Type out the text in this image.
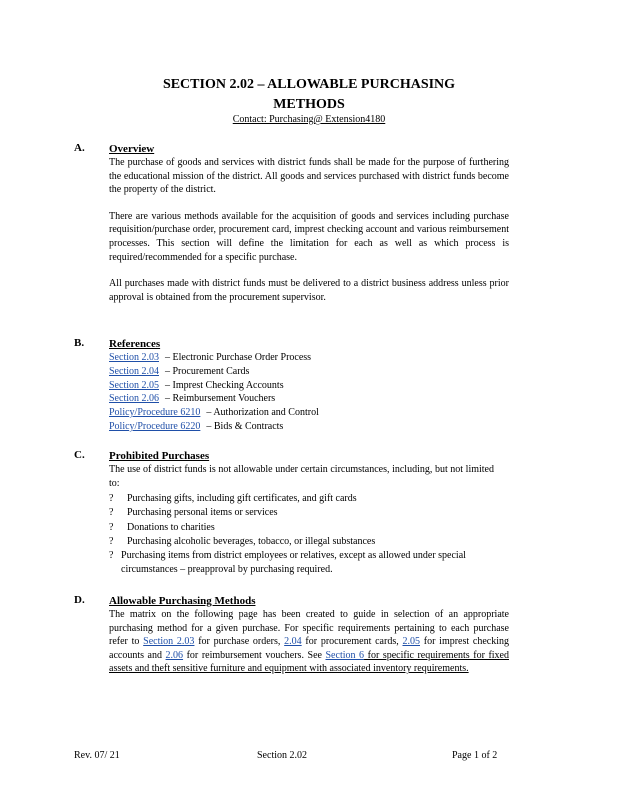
SECTION 2.02 – ALLOWABLE PURCHASING
METHODS
Contact: Purchasing@ Extension4180
A. Overview

The purchase of goods and services with district funds shall be made for the purpose of furthering the educational mission of the district. All goods and services purchased with district funds become the property of the district.

There are various methods available for the acquisition of goods and services including purchase requisition/purchase order, procurement card, imprest checking account and various reimbursement processes. This section will define the limitation for each as well as which process is required/recommended for a specific purchase.

All purchases made with district funds must be delivered to a district business address unless prior approval is obtained from the procurement supervisor.

B. References
Section 2.03 – Electronic Purchase Order Process
Section 2.04 – Procurement Cards
Section 2.05 – Imprest Checking Accounts
Section 2.06 – Reimbursement Vouchers
Policy/Procedure 6210 – Authorization and Control
Policy/Procedure 6220 – Bids & Contracts
C. Prohibited Purchases

The use of district funds is not allowable under certain circumstances, including, but not limited to:

?	Purchasing gifts, including gift certificates, and gift cards
?	Purchasing personal items or services
?	Donations to charities
?	Purchasing alcoholic beverages, tobacco, or illegal substances
? Purchasing items from district employees or relatives, except as allowed under special circumstances – preapproval by purchasing required.
D. Allowable Purchasing Methods

The matrix on the following page has been created to guide in selection of an appropriate purchasing method for a given purchase. For specific requirements pertaining to each purchase refer to Section 2.03 for purchase orders, 2.04 for procurement cards, 2.05 for imprest checking accounts and 2.06 for reimbursement vouchers. See Section 6 for specific requirements for fixed assets and theft sensitive furniture and equipment with associated inventory requirements.

Rev. 07/ 21	Section 2.02	Page 1 of 2
